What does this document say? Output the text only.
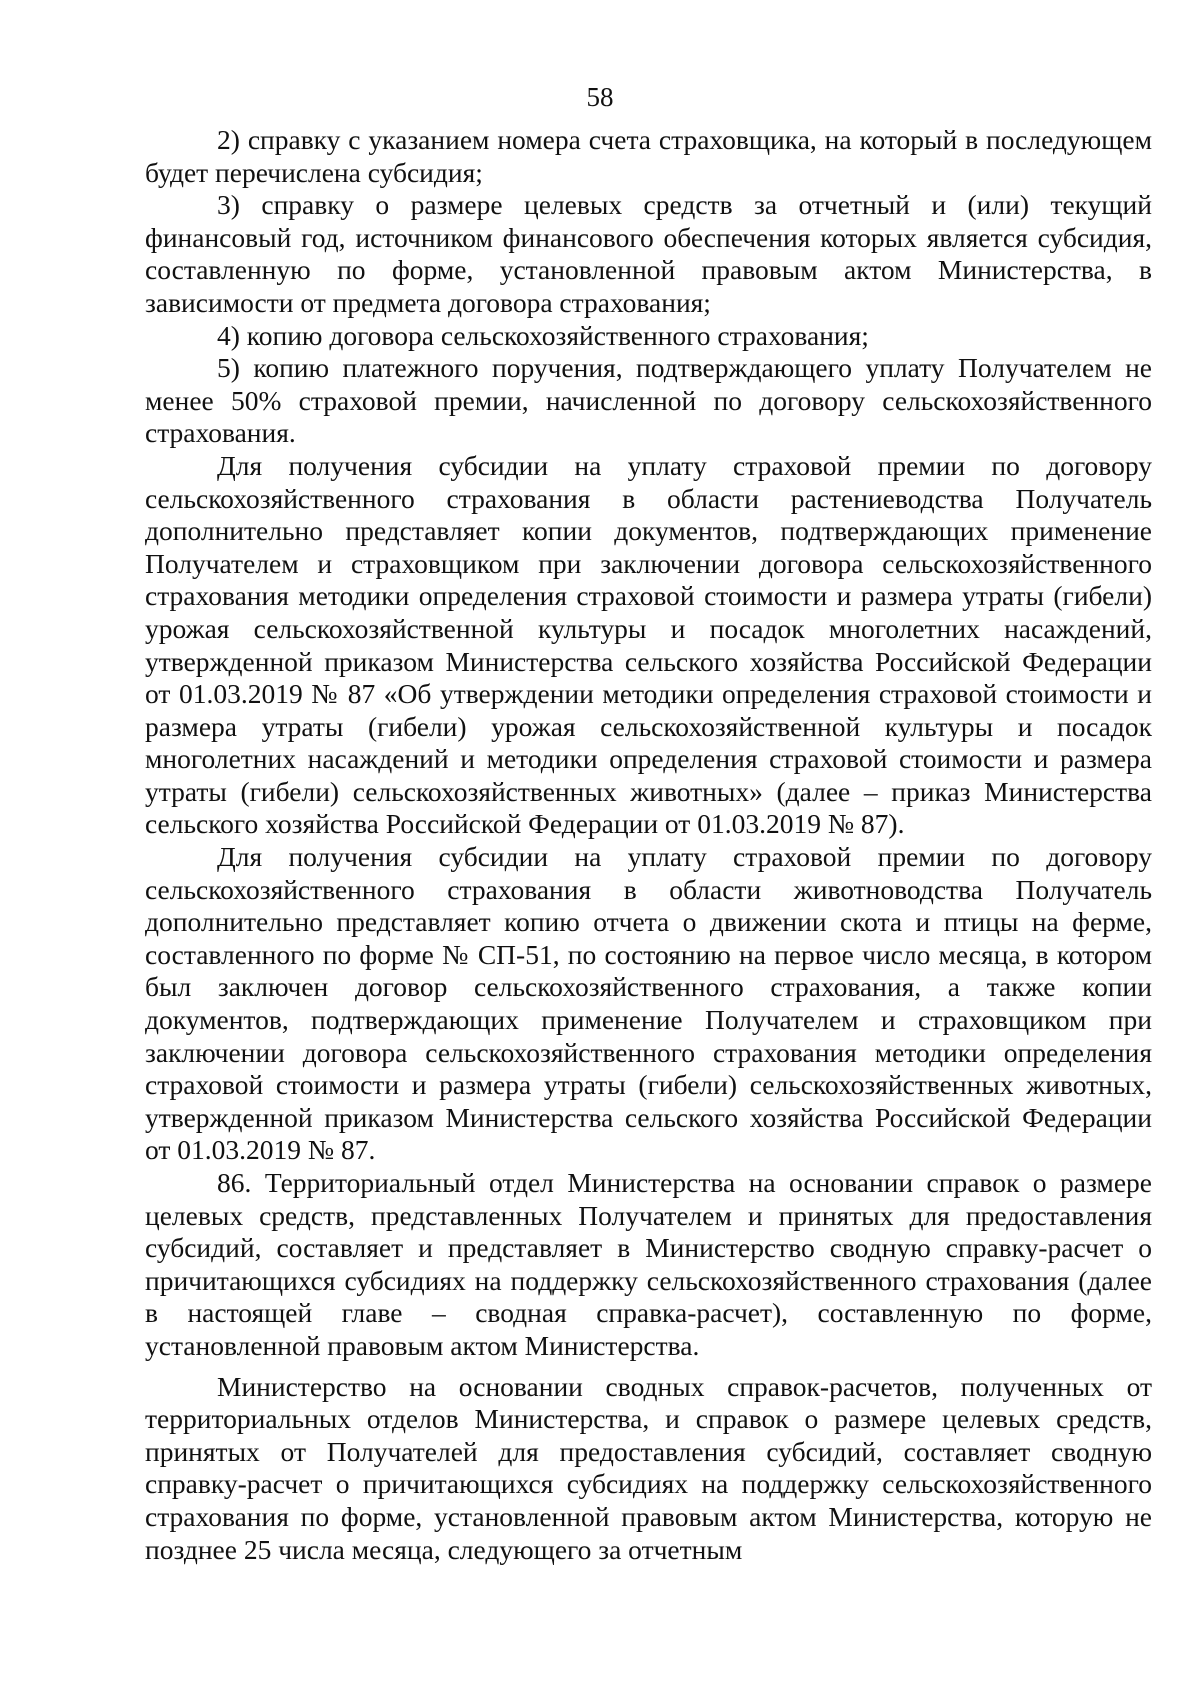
58

2) справку с указанием номера счета страховщика, на который в последующем будет перечислена субсидия;

3) справку о размере целевых средств за отчетный и (или) текущий финансовый год, источником финансового обеспечения которых является субсидия, составленную по форме, установленной правовым актом Министерства, в зависимости от предмета договора страхования;

4) копию договора сельскохозяйственного страхования;

5) копию платежного поручения, подтверждающего уплату Получателем не менее 50% страховой премии, начисленной по договору сельскохозяйственного страхования.

Для получения субсидии на уплату страховой премии по договору сельскохозяйственного страхования в области растениеводства Получатель дополнительно представляет копии документов, подтверждающих применение Получателем и страховщиком при заключении договора сельскохозяйственного страхования методики определения страховой стоимости и размера утраты (гибели) урожая сельскохозяйственной культуры и посадок многолетних насаждений, утвержденной приказом Министерства сельского хозяйства Российской Федерации от 01.03.2019 № 87 «Об утверждении методики определения страховой стоимости и размера утраты (гибели) урожая сельскохозяйственной культуры и посадок многолетних насаждений и методики определения страховой стоимости и размера утраты (гибели) сельскохозяйственных животных» (далее – приказ Министерства сельского хозяйства Российской Федерации от 01.03.2019 № 87).

Для получения субсидии на уплату страховой премии по договору сельскохозяйственного страхования в области животноводства Получатель дополнительно представляет копию отчета о движении скота и птицы на ферме, составленного по форме № СП-51, по состоянию на первое число месяца, в котором был заключен договор сельскохозяйственного страхования, а также копии документов, подтверждающих применение Получателем и страховщиком при заключении договора сельскохозяйственного страхования методики определения страховой стоимости и размера утраты (гибели) сельскохозяйственных животных, утвержденной приказом Министерства сельского хозяйства Российской Федерации от 01.03.2019 № 87.

86. Территориальный отдел Министерства на основании справок о размере целевых средств, представленных Получателем и принятых для предоставления субсидий, составляет и представляет в Министерство сводную справку-расчет о причитающихся субсидиях на поддержку сельскохозяйственного страхования (далее в настоящей главе – сводная справка-расчет), составленную по форме, установленной правовым актом Министерства.

Министерство на основании сводных справок-расчетов, полученных от территориальных отделов Министерства, и справок о размере целевых средств, принятых от Получателей для предоставления субсидий, составляет сводную справку-расчет о причитающихся субсидиях на поддержку сельскохозяйственного страхования по форме, установленной правовым актом Министерства, которую не позднее 25 числа месяца, следующего за отчетным
